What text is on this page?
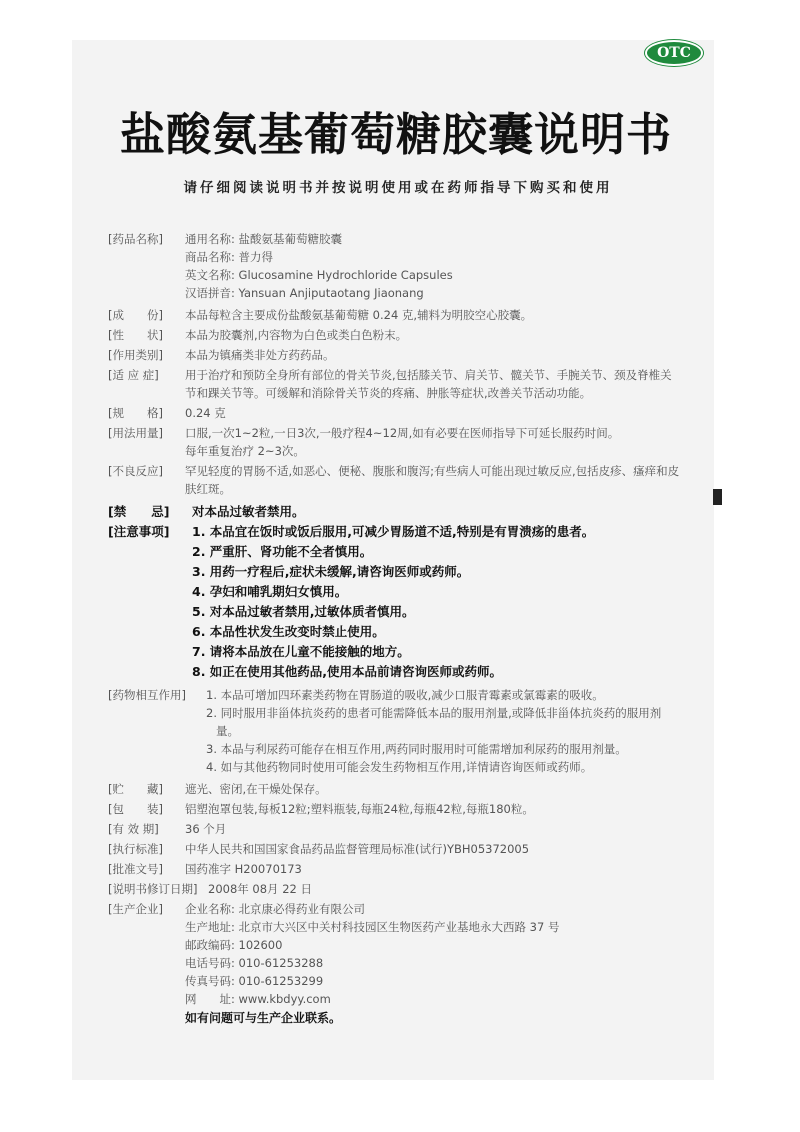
OTC
盐酸氨基葡萄糖胶囊说明书
请仔细阅读说明书并按说明使用或在药师指导下购买和使用
[药品名称]	通用名称: 盐酸氨基葡萄糖胶囊
商品名称: 普力得
英文名称: Glucosamine Hydrochloride Capsules
汉语拼音: Yansuan Anjiputaotang Jiaonang
[成　　份]	本品每粒含主要成份盐酸氨基葡萄糖 0.24 克,辅料为明胶空心胶囊。
[性　　状]	本品为胶囊剂,内容物为白色或类白色粉末。
[作用类别]	本品为镇痛类非处方药药品。
[适 应 症]	用于治疗和预防全身所有部位的骨关节炎,包括膝关节、肩关节、髋关节、手腕关节、颈及脊椎关节和踝关节等。可缓解和消除骨关节炎的疼痛、肿胀等症状,改善关节活动功能。
[规　　格]	0.24 克
[用法用量]	口服,一次1~2粒,一日3次,一般疗程4~12周,如有必要在医师指导下可延长服药时间。
每年重复治疗 2~3次。
[不良反应]	罕见轻度的胃肠不适,如恶心、便秘、腹胀和腹泻;有些病人可能出现过敏反应,包括皮疹、瘙痒和皮肤红斑。
[禁　　忌]	对本品过敏者禁用。
[注意事项]	1. 本品宜在饭时或饭后服用,可减少胃肠道不适,特别是有胃溃疡的患者。
2. 严重肝、肾功能不全者慎用。
3. 用药一疗程后,症状未缓解,请咨询医师或药师。
4. 孕妇和哺乳期妇女慎用。
5. 对本品过敏者禁用,过敏体质者慎用。
6. 本品性状发生改变时禁止使用。
7. 请将本品放在儿童不能接触的地方。
8. 如正在使用其他药品,使用本品前请咨询医师或药师。
[药物相互作用]	1. 本品可增加四环素类药物在胃肠道的吸收,减少口服青霉素或氯霉素的吸收。
2. 同时服用非甾体抗炎药的患者可能需降低本品的服用剂量,或降低非甾体抗炎药的服用剂量。
3. 本品与利尿药可能存在相互作用,两药同时服用时可能需增加利尿药的服用剂量。
4. 如与其他药物同时使用可能会发生药物相互作用,详情请咨询医师或药师。
[贮　　藏]	遮光、密闭,在干燥处保存。
[包　　装]	铝塑泡罩包装,每板12粒;塑料瓶装,每瓶24粒,每瓶42粒,每瓶180粒。
[有 效 期]	36 个月
[执行标准]	中华人民共和国国家食品药品监督管理局标准(试行)YBH05372005
[批准文号]	国药准字 H20070173
[说明书修订日期] 2008年 08月 22 日
[生产企业]	企业名称: 北京康必得药业有限公司
生产地址: 北京市大兴区中关村科技园区生物医药产业基地永大西路 37 号
邮政编码: 102600
电话号码: 010-61253288
传真号码: 010-61253299
网　　址: www.kbdyy.com
如有问题可与生产企业联系。
